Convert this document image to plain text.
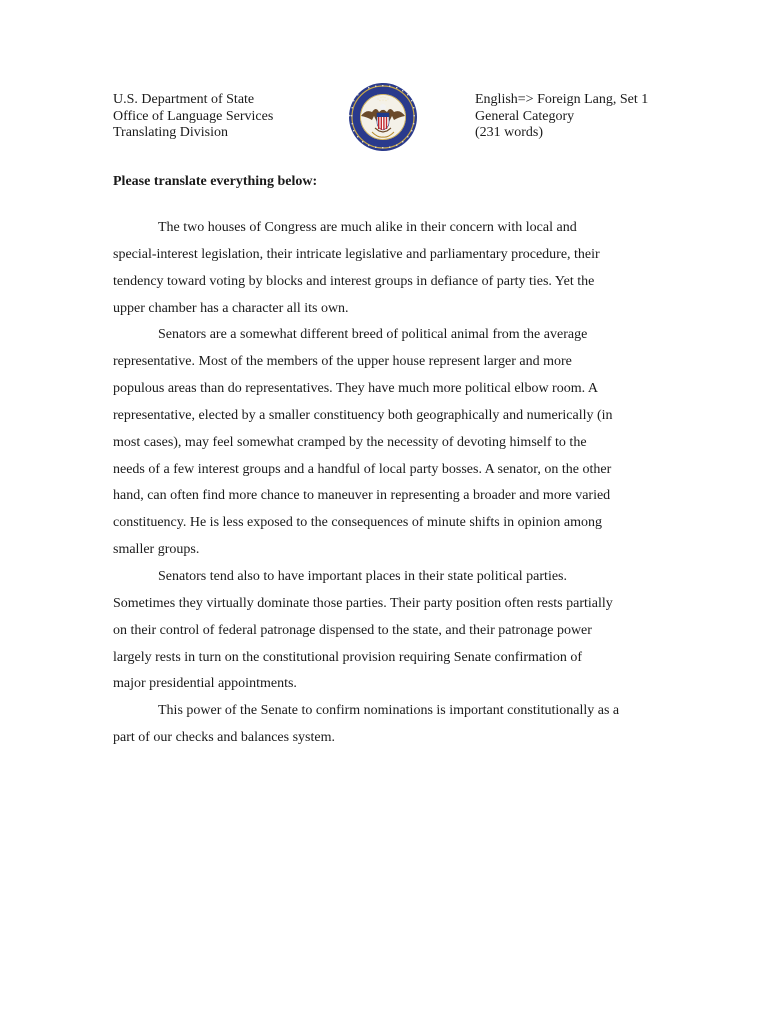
U.S. Department of State
Office of Language Services
Translating Division
English=> Foreign Lang, Set 1
General Category
(231 words)
Please translate everything below:
The two houses of Congress are much alike in their concern with local and
special-interest legislation, their intricate legislative and parliamentary procedure, their
tendency toward voting by blocks and interest groups in defiance of party ties. Yet the
upper chamber has a character all its own.
Senators are a somewhat different breed of political animal from the average
representative. Most of the members of the upper house represent larger and more
populous areas than do representatives. They have much more political elbow room. A
representative, elected by a smaller constituency both geographically and numerically (in
most cases), may feel somewhat cramped by the necessity of devoting himself to the
needs of a few interest groups and a handful of local party bosses. A senator, on the other
hand, can often find more chance to maneuver in representing a broader and more varied
constituency. He is less exposed to the consequences of minute shifts in opinion among
smaller groups.
Senators tend also to have important places in their state political parties.
Sometimes they virtually dominate those parties. Their party position often rests partially
on their control of federal patronage dispensed to the state, and their patronage power
largely rests in turn on the constitutional provision requiring Senate confirmation of
major presidential appointments.
This power of the Senate to confirm nominations is important constitutionally as a
part of our checks and balances system.
